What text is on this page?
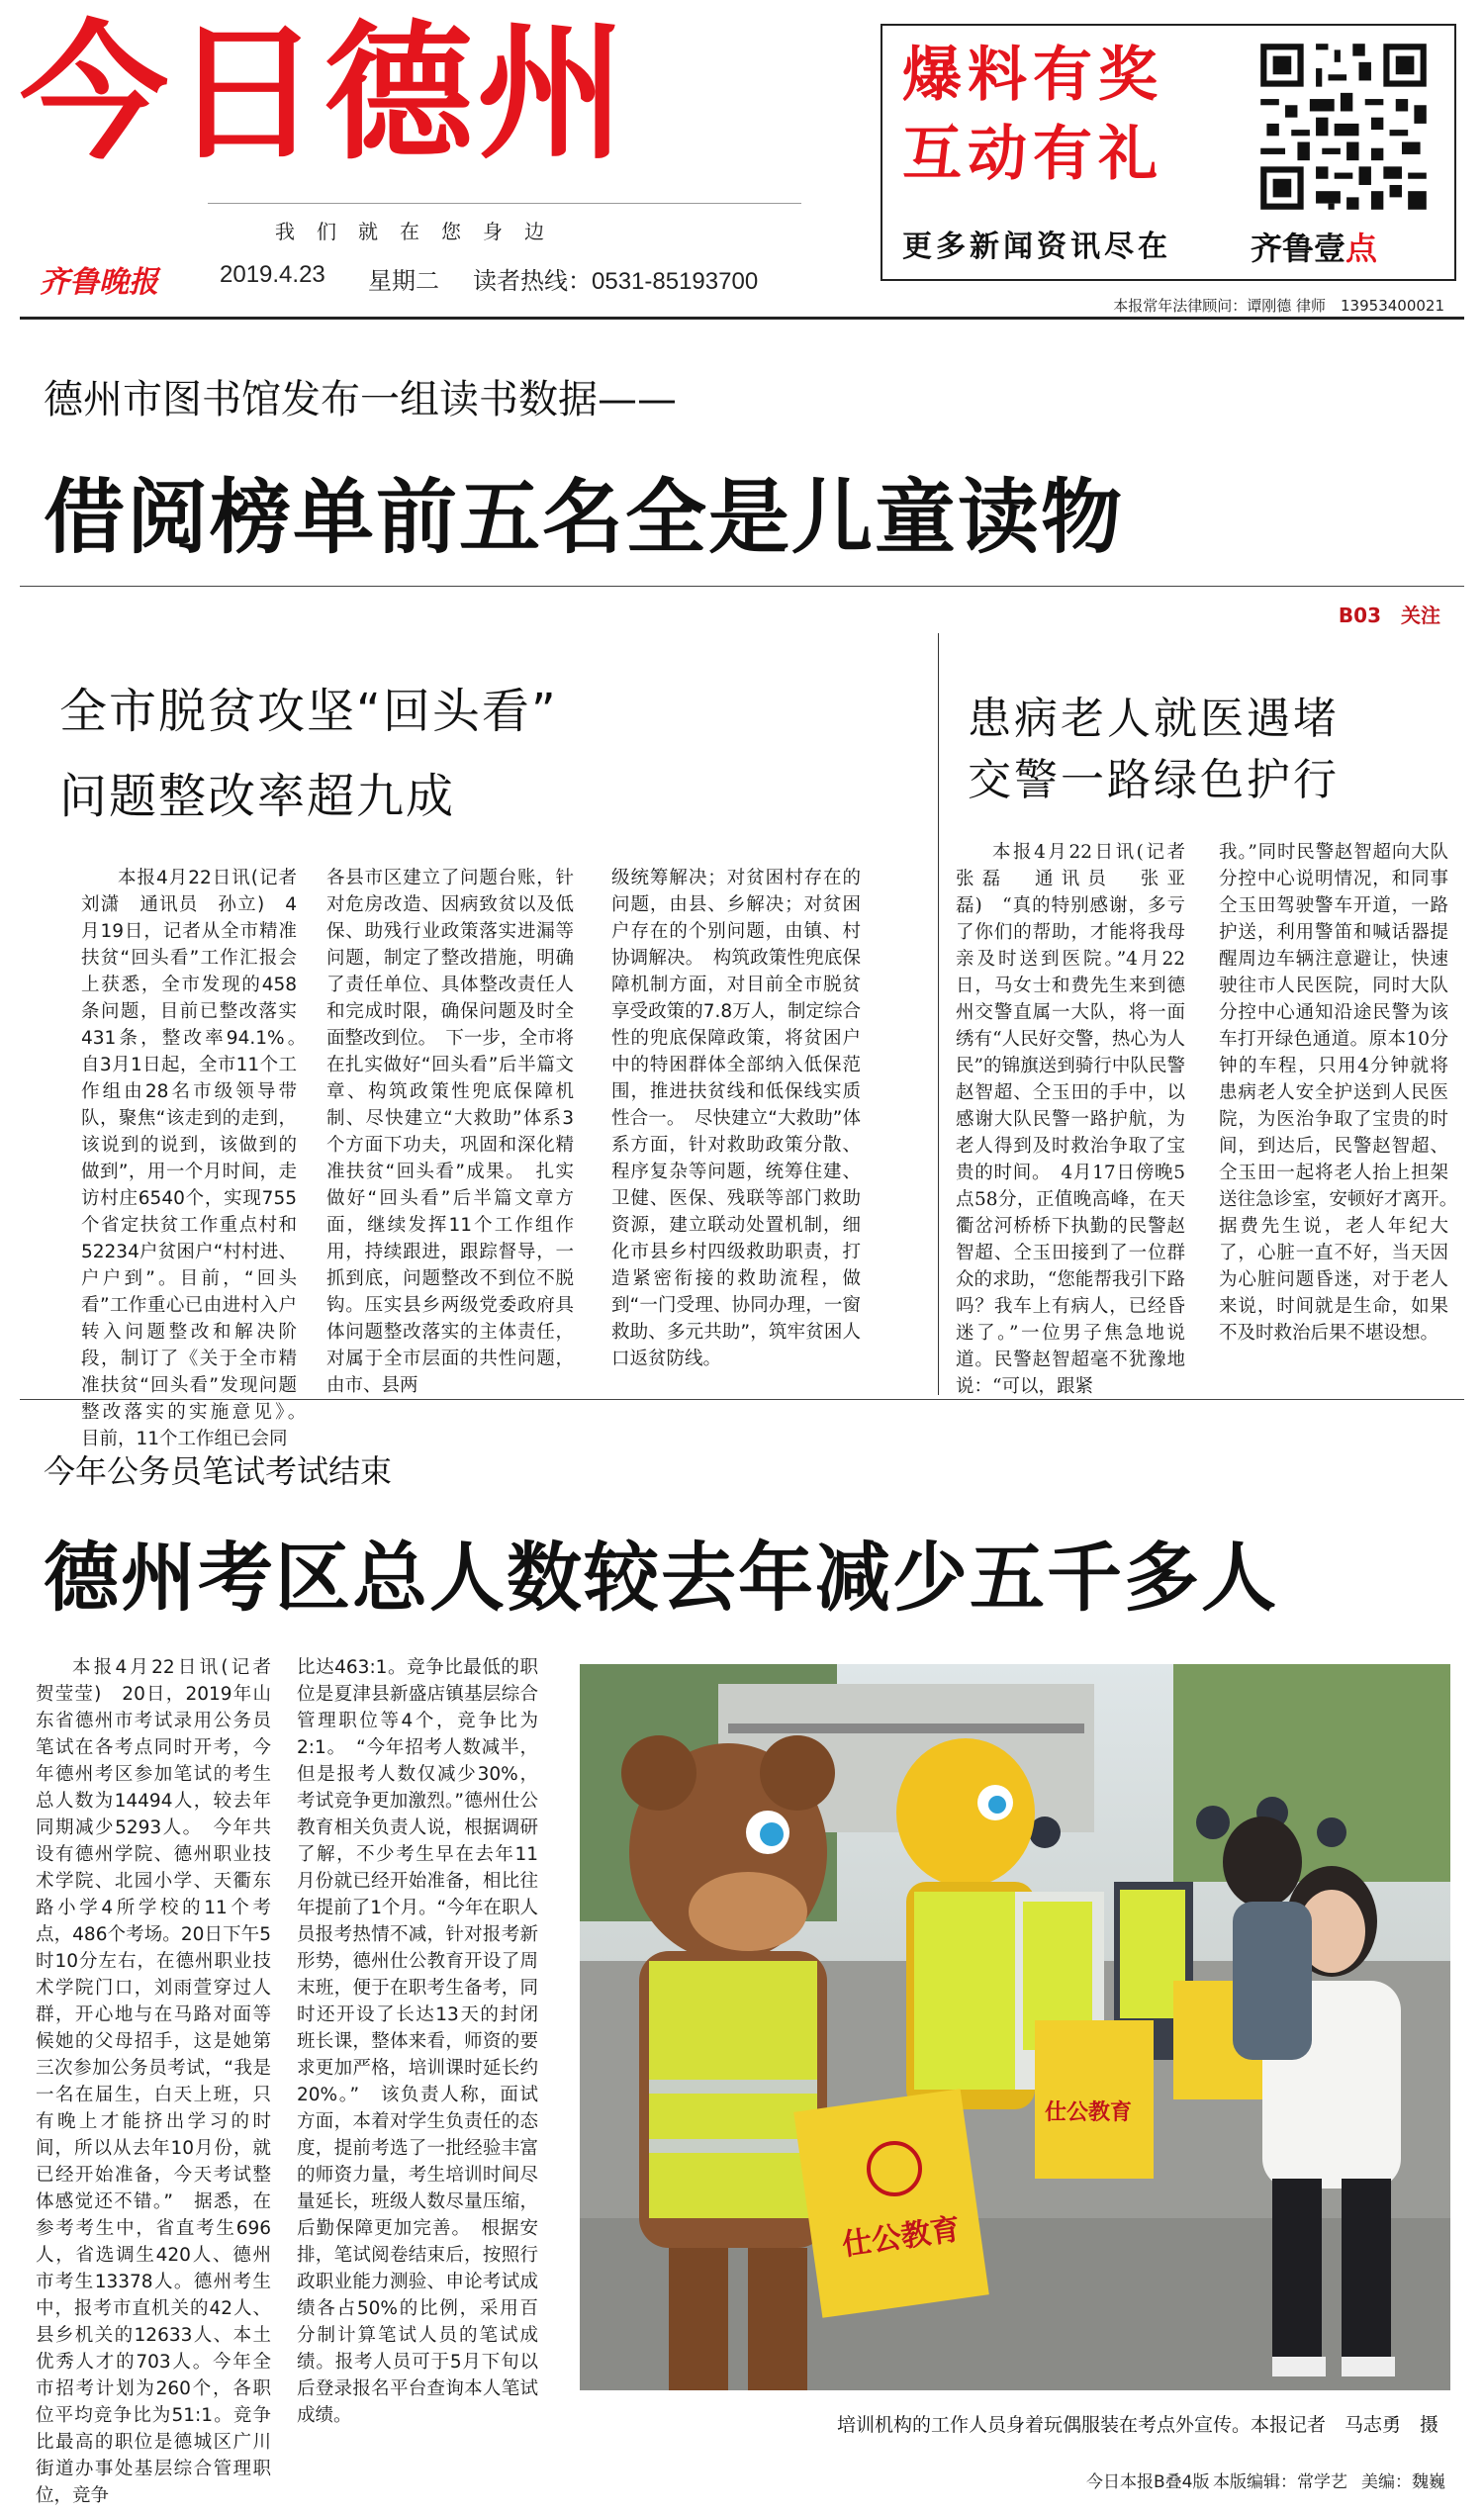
今日德州
我们就在您身边
齐鲁晚报	2019.4.23 星期二 读者热线：0531-85193700
爆料有奖
互动有礼
更多新闻资讯尽在	齐鲁壹点
本报常年法律顾问：谭刚德 律师　 13953400021
德州市图书馆发布一组读书数据——
借阅榜单前五名全是儿童读物
B03　关注
全市脱贫攻坚“回头看”
问题整改率超九成

本报4月22日讯(记者　刘潇　通讯员　孙立)　4月19日，记者从全市精准扶贫“回头看”工作汇报会上获悉，全市发现的458条问题，目前已整改落实431条，整改率94.1%。　自3月1日起，全市11个工作组由28名市级领导带队，聚焦“该走到的走到，该说到的说到，该做到的做到”，用一个月时间，走访村庄6540个，实现755个省定扶贫工作重点村和52234户贫困户“村村进、户户到”。目前，“回头看”工作重心已由进村入户转入问题整改和解决阶段，制订了《关于全市精准扶贫“回头看”发现问题整改落实的实施意见》。　目前，11个工作组已会同

各县市区建立了问题台账，针对危房改造、因病致贫以及低保、助残行业政策落实进漏等问题，制定了整改措施，明确了责任单位、具体整改责任人和完成时限，确保问题及时全面整改到位。　下一步，全市将在扎实做好“回头看”后半篇文章、构筑政策性兜底保障机制、尽快建立“大救助”体系3个方面下功夫，巩固和深化精准扶贫“回头看”成果。　扎实做好“回头看”后半篇文章方面，继续发挥11个工作组作用，持续跟进，跟踪督导，一抓到底，问题整改不到位不脱钩。压实县乡两级党委政府具体问题整改落实的主体责任，对属于全市层面的共性问题，由市、县两

级统筹解决；对贫困村存在的问题，由县、乡解决；对贫困户存在的个别问题，由镇、村协调解决。　构筑政策性兜底保障机制方面，对目前全市脱贫享受政策的7.8万人，制定综合性的兜底保障政策，将贫困户中的特困群体全部纳入低保范围，推进扶贫线和低保线实质性合一。　尽快建立“大救助”体系方面，针对救助政策分散、程序复杂等问题，统筹住建、卫健、医保、残联等部门救助资源，建立联动处置机制，细化市县乡村四级救助职责，打造紧密衔接的救助流程，做到“一门受理、协同办理，一窗救助、多元共助”，筑牢贫困人口返贫防线。

患病老人就医遇堵
交警一路绿色护行

本报4月22日讯(记者　张磊　通讯员　张亚磊)　“真的特别感谢，多亏了你们的帮助，才能将我母亲及时送到医院。”4月22日，马女士和费先生来到德州交警直属一大队，将一面绣有“人民好交警，热心为人民”的锦旗送到骑行中队民警赵智超、仝玉田的手中，以感谢大队民警一路护航，为老人得到及时救治争取了宝贵的时间。　4月17日傍晚5点58分，正值晚高峰，在天衢岔河桥桥下执勤的民警赵智超、仝玉田接到了一位群众的求助，“您能帮我引下路吗？我车上有病人，已经昏迷了。”一位男子焦急地说道。民警赵智超毫不犹豫地说：“可以，跟紧

我。”同时民警赵智超向大队分控中心说明情况，和同事仝玉田驾驶警车开道，一路护送，利用警笛和喊话器提醒周边车辆注意避让，快速驶往市人民医院，同时大队分控中心通知沿途民警为该车打开绿色通道。原本10分钟的车程，只用4分钟就将患病老人安全护送到人民医院，为医治争取了宝贵的时间，到达后，民警赵智超、仝玉田一起将老人抬上担架送往急诊室，安顿好才离开。　据费先生说，老人年纪大了，心脏一直不好，当天因为心脏问题昏迷，对于老人来说，时间就是生命，如果不及时救治后果不堪设想。

今年公务员笔试考试结束
德州考区总人数较去年减少五千多人

本报4月22日讯(记者　贺莹莹)　20日，2019年山东省德州市考试录用公务员笔试在各考点同时开考，今年德州考区参加笔试的考生总人数为14494人，较去年同期减少5293人。　今年共设有德州学院、德州职业技术学院、北园小学、天衢东路小学4所学校的11个考点，486个考场。20日下午5时10分左右，在德州职业技术学院门口，刘雨萱穿过人群，开心地与在马路对面等候她的父母招手，这是她第三次参加公务员考试，“我是一名在届生，白天上班，只有晚上才能挤出学习的时间，所以从去年10月份，就已经开始准备，今天考试整体感觉还不错。”　据悉，在参考考生中，省直考生696人，省选调生420人、德州市考生13378人。德州考生中，报考市直机关的42人、县乡机关的12633人、本土优秀人才的703人。今年全市招考计划为260个，各职位平均竞争比为51:1。竞争比最高的职位是德城区广川街道办事处基层综合管理职位，竞争

比达463:1。竞争比最低的职位是夏津县新盛店镇基层综合管理职位等4个，竞争比为2:1。　“今年招考人数减半，但是报考人数仅减少30%，考试竞争更加激烈。”德州仕公教育相关负责人说，根据调研了解，不少考生早在去年11月份就已经开始准备，相比往年提前了1个月。“今年在职人员报考热情不减，针对报考新形势，德州仕公教育开设了周末班，便于在职考生备考，同时还开设了长达13天的封闭班长课，整体来看，师资的要求更加严格，培训课时延长约20%。”　该负责人称，面试方面，本着对学生负责任的态度，提前考选了一批经验丰富的师资力量，考生培训时间尽量延长，班级人数尽量压缩，后勤保障更加完善。　根据安排，笔试阅卷结束后，按照行政职业能力测验、申论考试成绩各占50%的比例，采用百分制计算笔试人员的笔试成绩。报考人员可于5月下旬以后登录报名平台查询本人笔试成绩。

仕公教育
仕公教育
培训机构的工作人员身着玩偶服装在考点外宣传。本报记者　马志勇　摄
今日本报B叠4版 本版编辑：常学艺 美编：魏巍
